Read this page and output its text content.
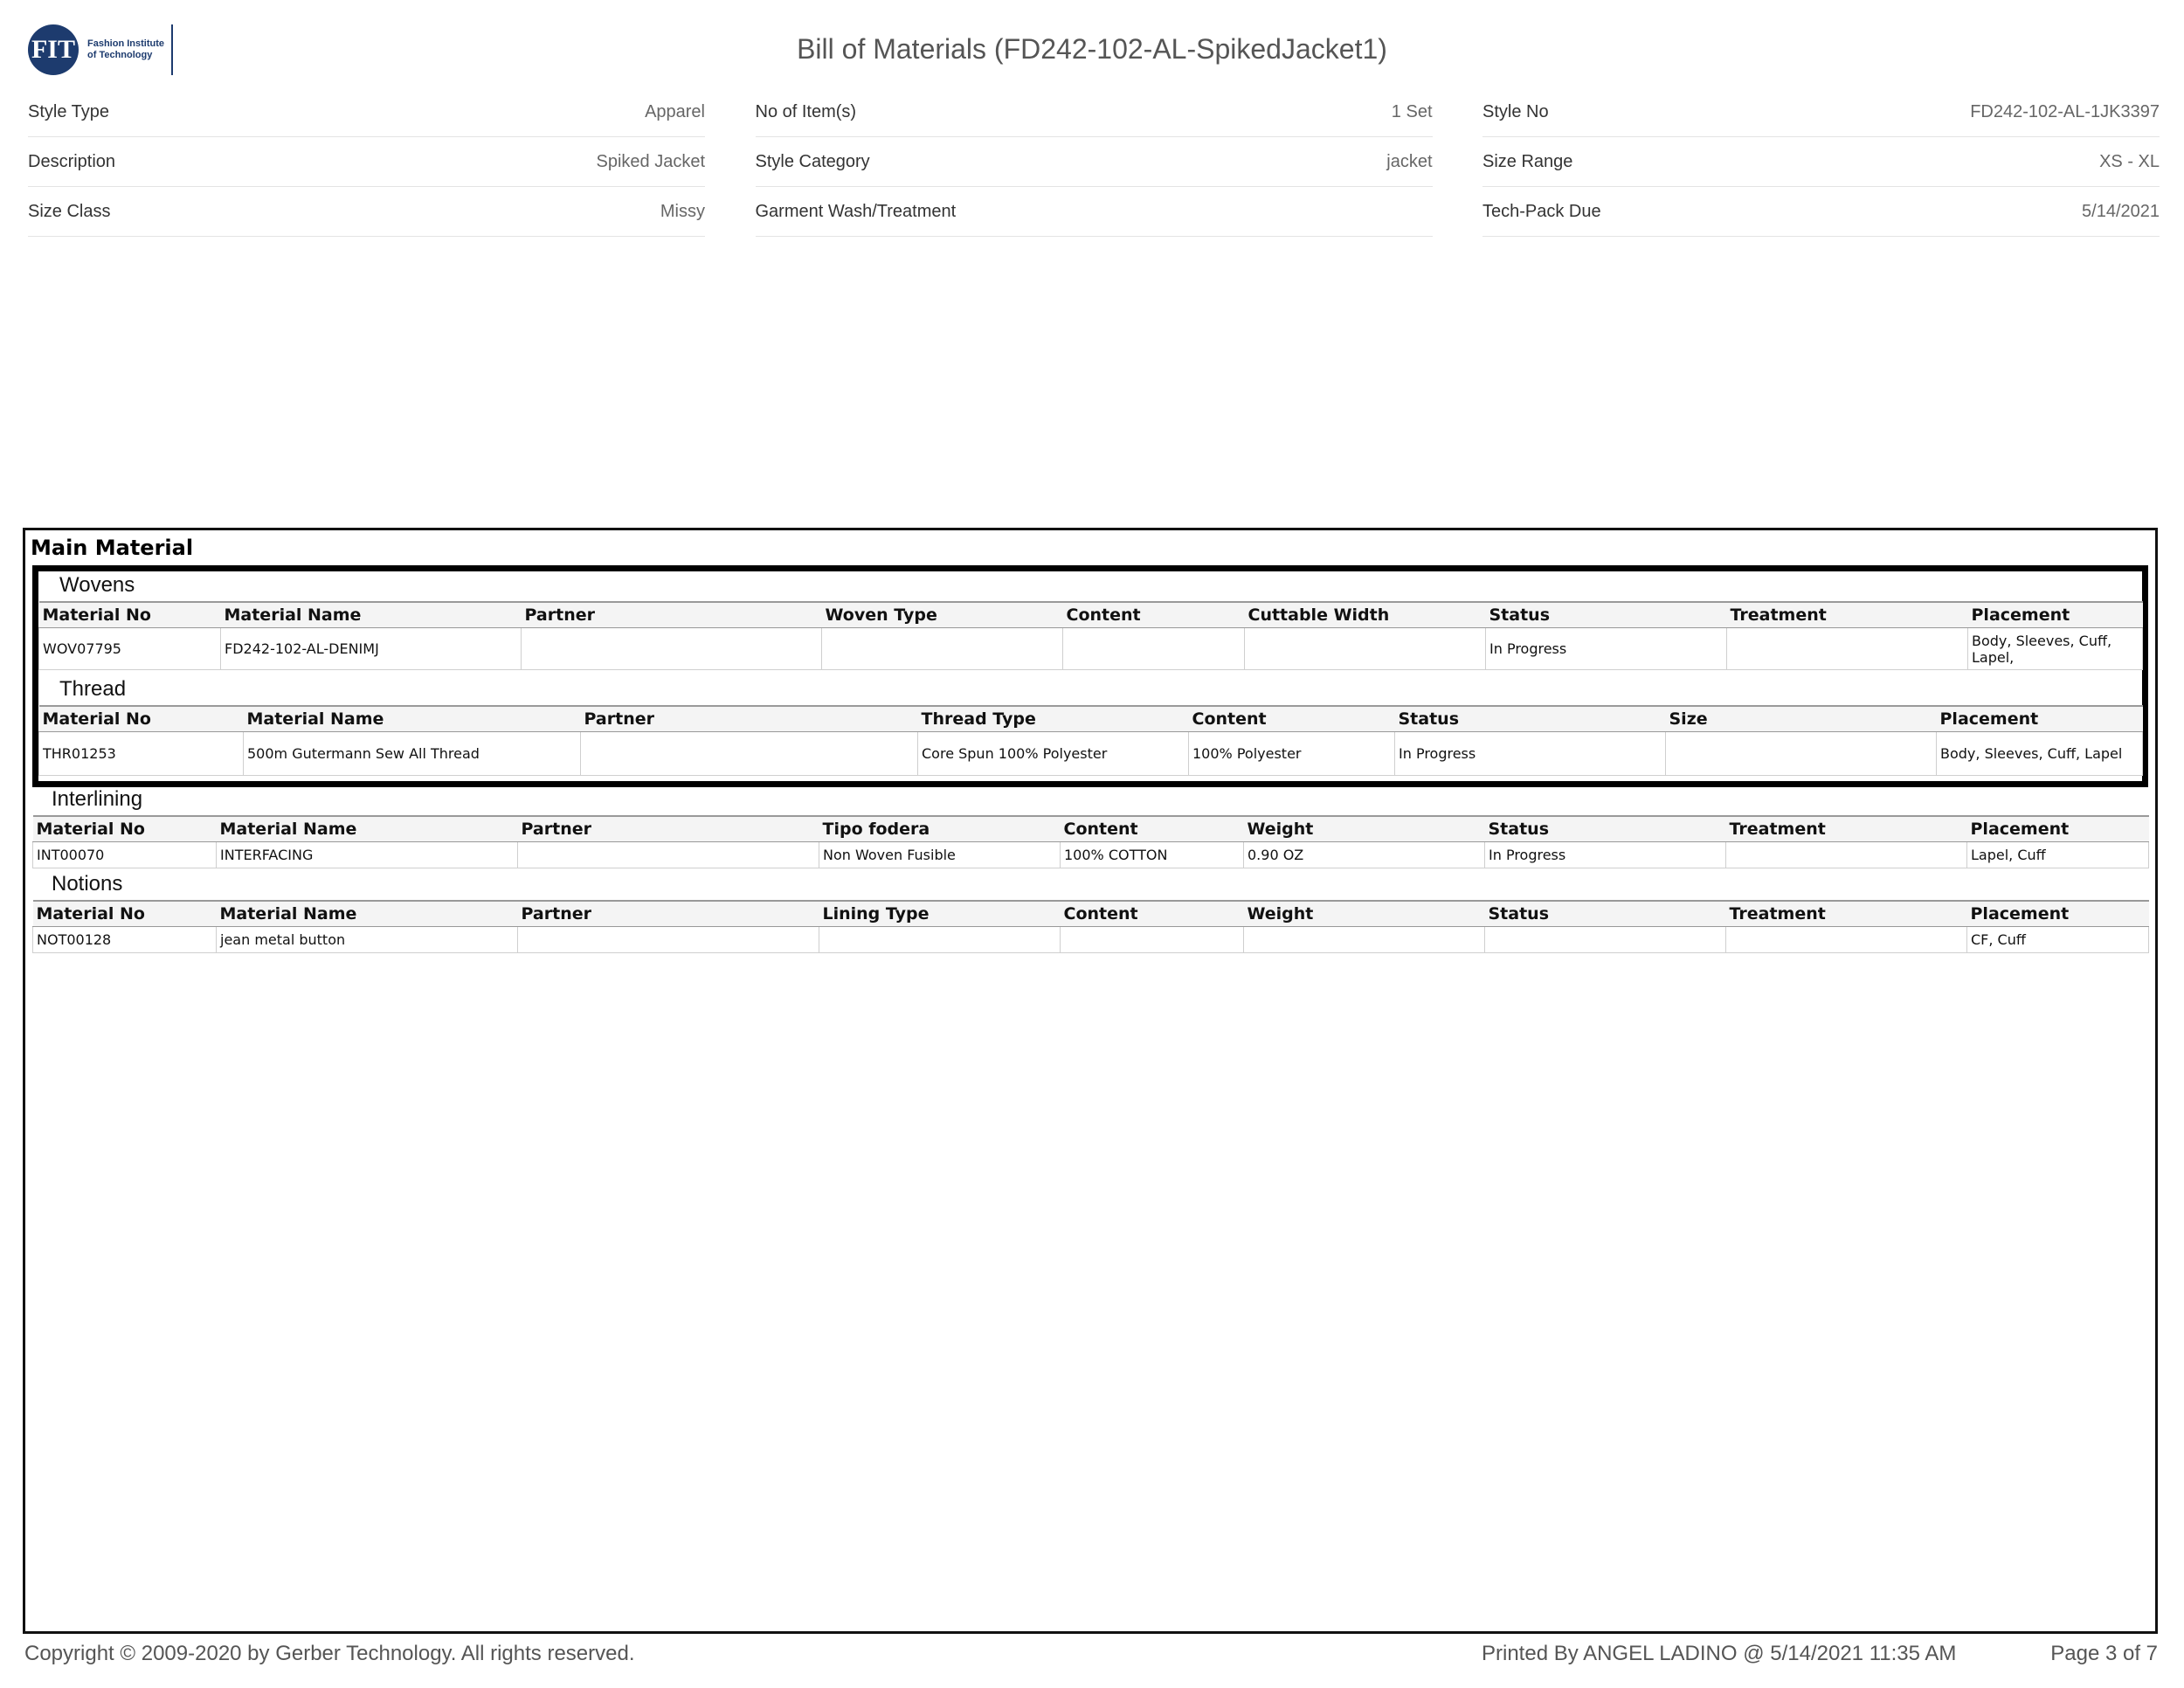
FIT	Fashion Institute of Technology	Bill of Materials (FD242-102-AL-SpikedJacket1)
Style Type	Apparel
Description	Spiked Jacket
Size Class	Missy
No of Item(s)	1 Set
Style Category	jacket
Garment Wash/Treatment
Style No	FD242-102-AL-1JK3397
Size Range	XS - XL
Tech-Pack Due	5/14/2021
Main Material
Wovens
Material No	Material Name	Partner	Woven Type	Content	Cuttable Width	Status	Treatment	Placement
WOV07795	FD242-102-AL-DENIMJ					In Progress		Body, Sleeves, Cuff, Lapel,
Thread
Material No	Material Name	Partner	Thread Type	Content	Status	Size	Placement
THR01253	500m Gutermann Sew All Thread		Core Spun 100% Polyester	100% Polyester	In Progress		Body, Sleeves, Cuff, Lapel
Interlining
Material No	Material Name	Partner	Tipo fodera	Content	Weight	Status	Treatment	Placement
INT00070	INTERFACING		Non Woven Fusible	100% COTTON	0.90 OZ	In Progress		Lapel, Cuff
Notions
Material No	Material Name	Partner	Lining Type	Content	Weight	Status	Treatment	Placement
NOT00128	jean metal button							CF, Cuff
Copyright © 2009-2020 by Gerber Technology. All rights reserved.	Printed By ANGEL LADINO @ 5/14/2021 11:35 AM	Page 3 of 7
